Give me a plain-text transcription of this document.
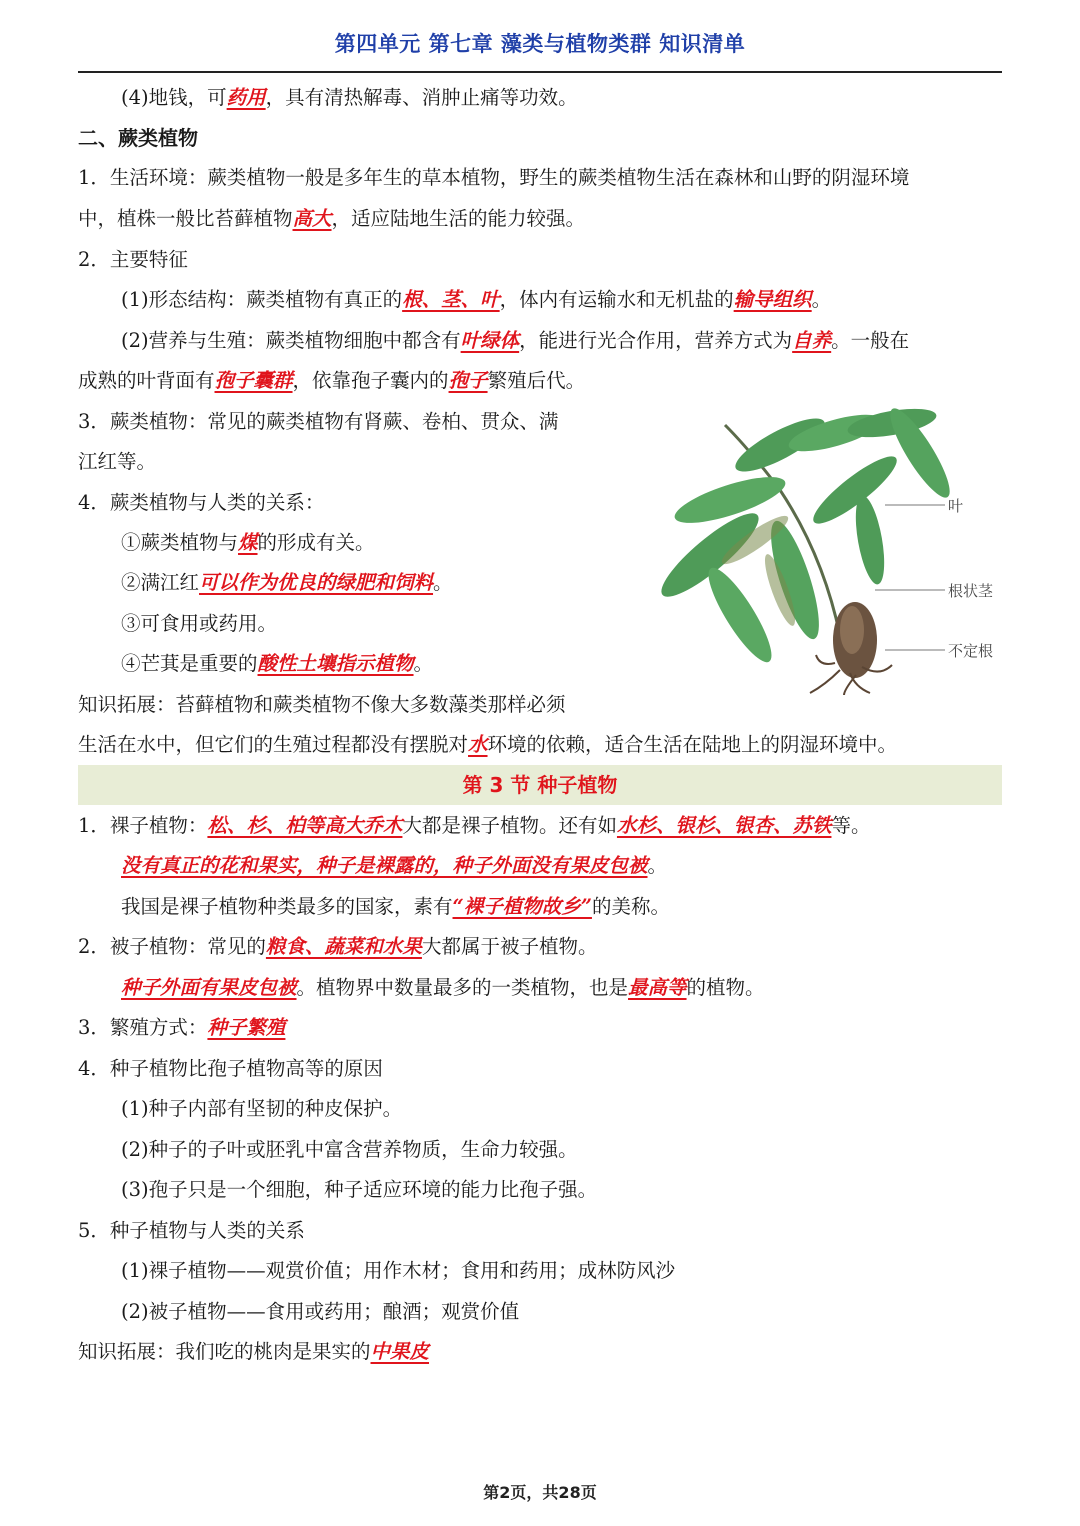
第四单元 第七章 藻类与植物类群 知识清单
(4)地钱，可药用，具有清热解毒、消肿止痛等功效。
二、蕨类植物
1．生活环境：蕨类植物一般是多年生的草本植物，野生的蕨类植物生活在森林和山野的阴湿环境
中，植株一般比苔藓植物高大，适应陆地生活的能力较强。
2．主要特征
(1)形态结构：蕨类植物有真正的根、茎、叶，体内有运输水和无机盐的输导组织。
(2)营养与生殖：蕨类植物细胞中都含有叶绿体，能进行光合作用，营养方式为自养。一般在
成熟的叶背面有孢子囊群，依靠孢子囊内的孢子繁殖后代。
3．蕨类植物：常见的蕨类植物有肾蕨、卷柏、贯众、满
江红等。
4．蕨类植物与人类的关系：
①蕨类植物与煤的形成有关。
②满江红可以作为优良的绿肥和饲料。
③可食用或药用。
④芒萁是重要的酸性土壤指示植物。
知识拓展：苔藓植物和蕨类植物不像大多数藻类那样必须
生活在水中，但它们的生殖过程都没有摆脱对水环境的依赖，适合生活在陆地上的阴湿环境中。
第 3 节 种子植物
1．裸子植物：松、杉、柏等高大乔木大都是裸子植物。还有如水杉、银杉、银杏、苏铁等。
没有真正的花和果实，种子是裸露的，种子外面没有果皮包被。
我国是裸子植物种类最多的国家，素有“裸子植物故乡”的美称。
2．被子植物：常见的粮食、蔬菜和水果大都属于被子植物。
种子外面有果皮包被。植物界中数量最多的一类植物，也是最高等的植物。
3．繁殖方式：种子繁殖
4．种子植物比孢子植物高等的原因
(1)种子内部有坚韧的种皮保护。
(2)种子的子叶或胚乳中富含营养物质，生命力较强。
(3)孢子只是一个细胞，种子适应环境的能力比孢子强。
5．种子植物与人类的关系
(1)裸子植物——观赏价值；用作木材；食用和药用；成林防风沙
(2)被子植物——食用或药用；酿酒；观赏价值
知识拓展：我们吃的桃肉是果实的中果皮
叶
根状茎
不定根
第2页，共28页
